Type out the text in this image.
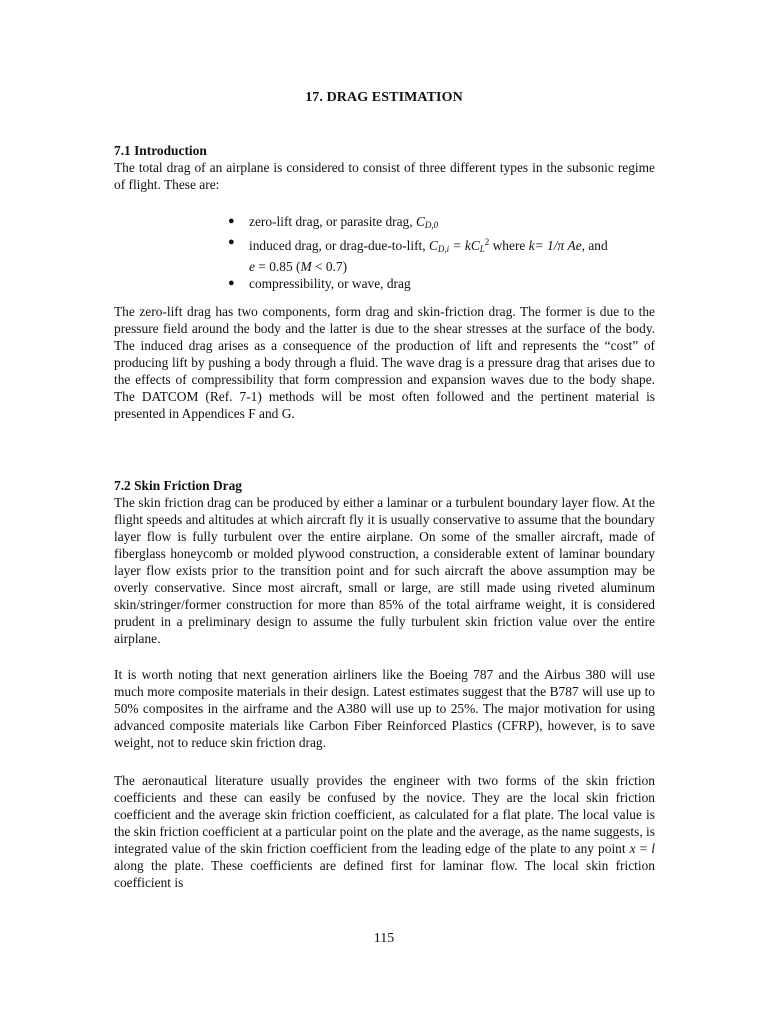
17. DRAG ESTIMATION
7.1 Introduction

The total drag of an airplane is considered to consist of three different types in the subsonic regime of flight. These are:

● zero-lift drag, or parasite drag, $C_{D,0}$
● induced drag, or drag-due-to-lift, $C_{D,i} = kC_L^2$ where k= 1/π Ae, and
e = 0.85 (M < 0.7)
● compressibility, or wave, drag

The zero-lift drag has two components, form drag and skin-friction drag. The former is due to the pressure field around the body and the latter is due to the shear stresses at the surface of the body. The induced drag arises as a consequence of the production of lift and represents the “cost” of producing lift by pushing a body through a fluid. The wave drag is a pressure drag that arises due to the effects of compressibility that form compression and expansion waves due to the body shape. The DATCOM (Ref. 7-1) methods will be most often followed and the pertinent material is presented in Appendices F and G.

7.2 Skin Friction Drag

The skin friction drag can be produced by either a laminar or a turbulent boundary layer flow. At the flight speeds and altitudes at which aircraft fly it is usually conservative to assume that the boundary layer flow is fully turbulent over the entire airplane. On some of the smaller aircraft, made of fiberglass honeycomb or molded plywood construction, a considerable extent of laminar boundary layer flow exists prior to the transition point and for such aircraft the above assumption may be overly conservative. Since most aircraft, small or large, are still made using riveted aluminum skin/stringer/former construction for more than 85% of the total airframe weight, it is considered prudent in a preliminary design to assume the fully turbulent skin friction value over the entire airplane.

It is worth noting that next generation airliners like the Boeing 787 and the Airbus 380 will use much more composite materials in their design. Latest estimates suggest that the B787 will use up to 50% composites in the airframe and the A380 will use up to 25%. The major motivation for using advanced composite materials like Carbon Fiber Reinforced Plastics (CFRP), however, is to save weight, not to reduce skin friction drag.

The aeronautical literature usually provides the engineer with two forms of the skin friction coefficients and these can easily be confused by the novice. They are the local skin friction coefficient and the average skin friction coefficient, as calculated for a flat plate. The local value is the skin friction coefficient at a particular point on the plate and the average, as the name suggests, is integrated value of the skin friction coefficient from the leading edge of the plate to any point x = l along the plate. These coefficients are defined first for laminar flow. The local skin friction coefficient is

115
